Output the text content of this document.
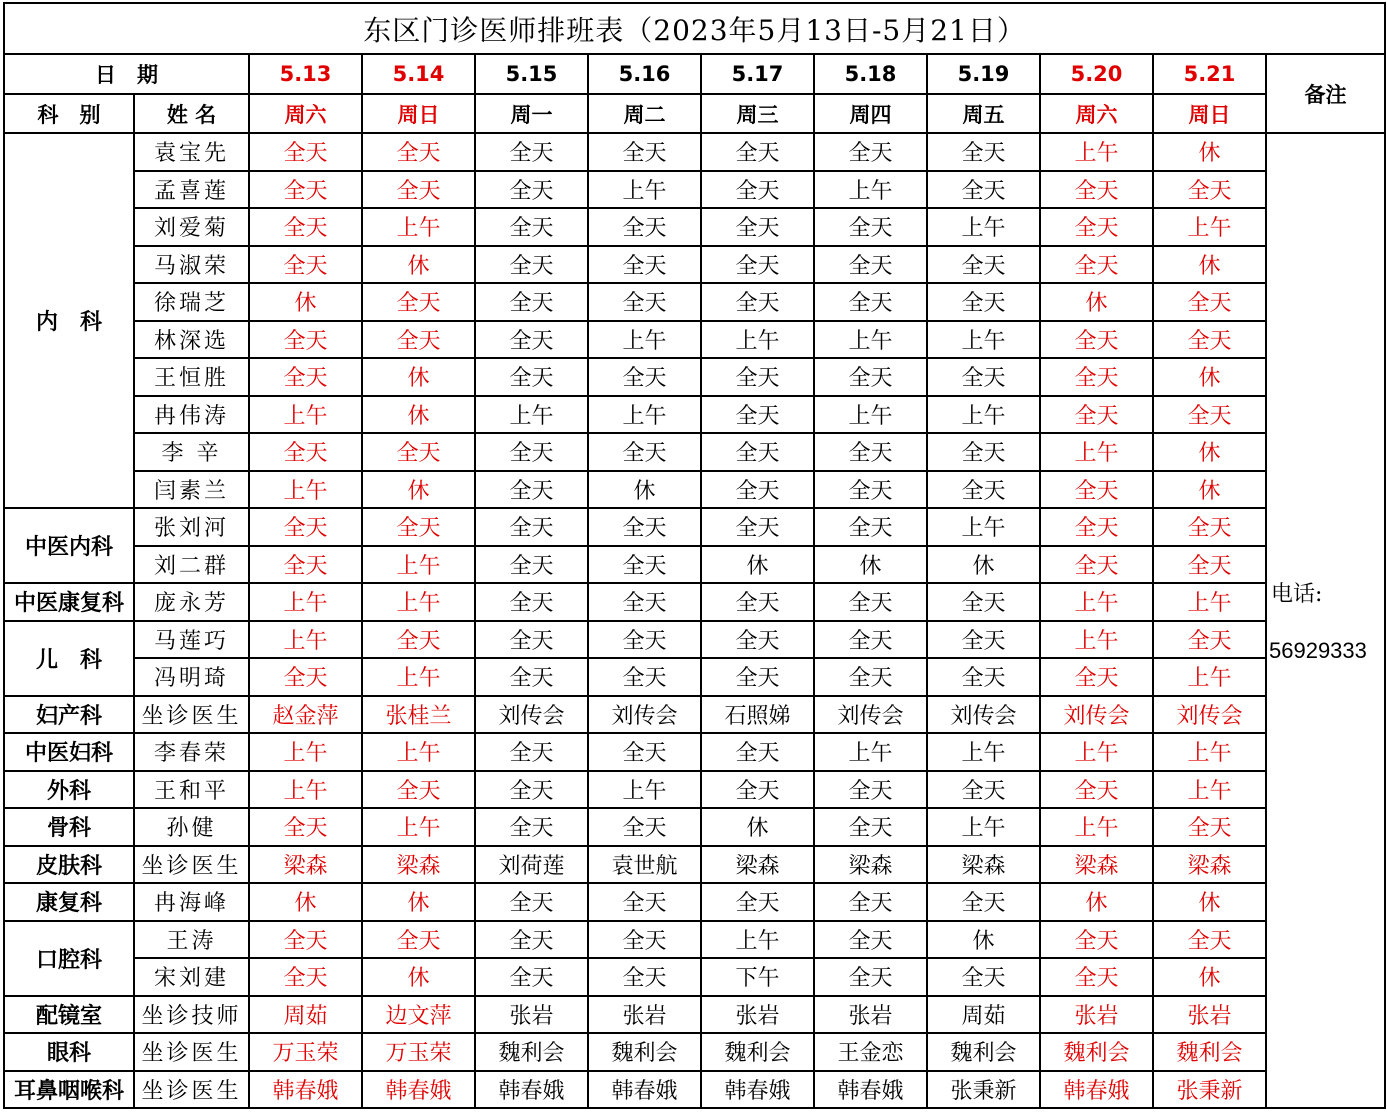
东区门诊医师排班表（2023年5月13日-5月21日）											
日　期		5.13	5.14	5.15	5.16	5.17	5.18	5.19	5.20	5.21	备注
科　别	姓 名	周六	周日	周一	周二	周三	周四	周五	周六	周日	
内　科	袁宝先	全天	全天	全天	全天	全天	全天	全天	上午	休	电话:
56929333

	孟喜莲	全天	全天	全天	上午	全天	上午	全天	全天	全天	
	刘爱菊	全天	上午	全天	全天	全天	全天	上午	全天	上午	
	马淑荣	全天	休	全天	全天	全天	全天	全天	全天	休	
	徐瑞芝	休	全天	全天	全天	全天	全天	全天	休	全天	
	林深选	全天	全天	全天	上午	上午	上午	上午	全天	全天	
	王恒胜	全天	休	全天	全天	全天	全天	全天	全天	休	
	冉伟涛	上午	休	上午	上午	全天	上午	上午	全天	全天	
	李 辛	全天	全天	全天	全天	全天	全天	全天	上午	休	
	闫素兰	上午	休	全天	休	全天	全天	全天	全天	休	
中医内科	张刘河	全天	全天	全天	全天	全天	全天	上午	全天	全天	
	刘二群	全天	上午	全天	全天	休	休	休	全天	全天	
中医康复科	庞永芳	上午	上午	全天	全天	全天	全天	全天	上午	上午	
儿　科	马莲巧	上午	全天	全天	全天	全天	全天	全天	上午	全天	
	冯明琦	全天	上午	全天	全天	全天	全天	全天	全天	上午	
妇产科	坐诊医生	赵金萍	张桂兰	刘传会	刘传会	石照娣	刘传会	刘传会	刘传会	刘传会	
中医妇科	李春荣	上午	上午	全天	全天	全天	上午	上午	上午	上午	
外科	王和平	上午	全天	全天	上午	全天	全天	全天	全天	上午	
骨科	孙健	全天	上午	全天	全天	休	全天	上午	上午	全天	
皮肤科	坐诊医生	梁森	梁森	刘荷莲	袁世航	梁森	梁森	梁森	梁森	梁森	
康复科	冉海峰	休	休	全天	全天	全天	全天	全天	休	休	
口腔科	王涛	全天	全天	全天	全天	上午	全天	休	全天	全天	
	宋刘建	全天	休	全天	全天	下午	全天	全天	全天	休	
配镜室	坐诊技师	周茹	边文萍	张岩	张岩	张岩	张岩	周茹	张岩	张岩	
眼科	坐诊医生	万玉荣	万玉荣	魏利会	魏利会	魏利会	王金恋	魏利会	魏利会	魏利会	
耳鼻咽喉科	坐诊医生	韩春娥	韩春娥	韩春娥	韩春娥	韩春娥	韩春娥	张秉新	韩春娥	张秉新	
